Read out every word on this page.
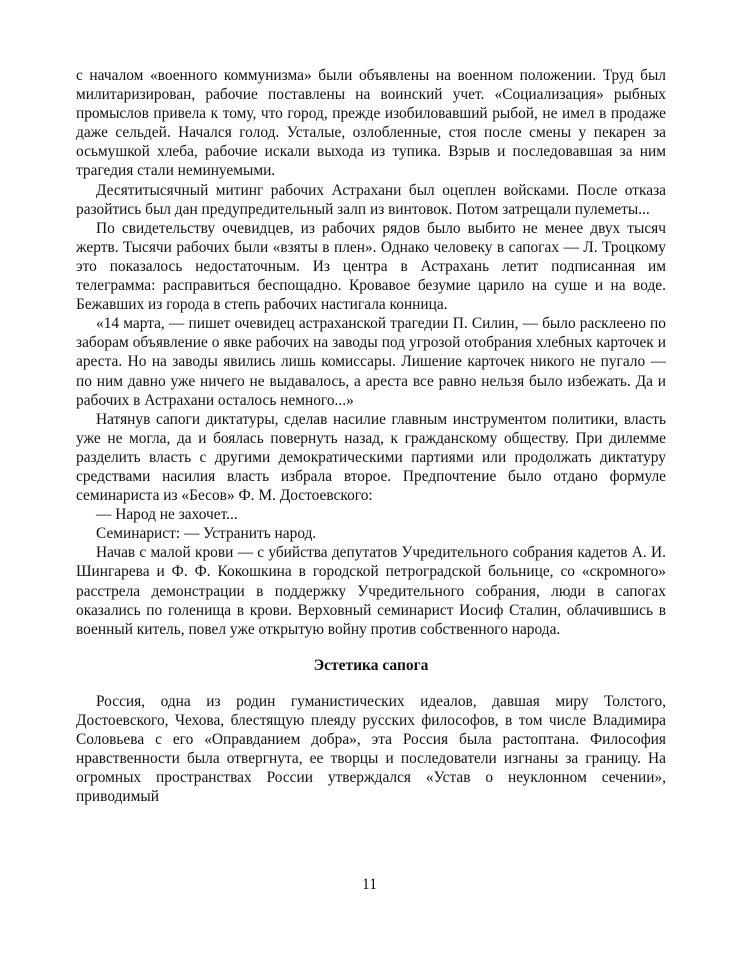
с началом «военного коммунизма» были объявлены на военном положении. Труд был милитаризирован, рабочие поставлены на воинский учет. «Социализация» рыбных промыслов привела к тому, что город, прежде изобиловавший рыбой, не имел в продаже даже сельдей. Начался голод. Усталые, озлобленные, стоя после смены у пекарен за осьмушкой хлеба, рабочие искали выхода из тупика. Взрыв и последовавшая за ним трагедия стали неминуемыми.

Десятитысячный митинг рабочих Астрахани был оцеплен войсками. После отказа разойтись был дан предупредительный залп из винтовок. Потом затрещали пулеметы...

По свидетельству очевидцев, из рабочих рядов было выбито не менее двух тысяч жертв. Тысячи рабочих были «взяты в плен». Однако человеку в сапогах — Л. Троцкому это показалось недостаточным. Из центра в Астрахань летит подписанная им телеграмма: расправиться беспощадно. Кровавое безумие царило на суше и на воде. Бежавших из города в степь рабочих настигала конница.

«14 марта, — пишет очевидец астраханской трагедии П. Силин, — было расклеено по заборам объявление о явке рабочих на заводы под угрозой отобрания хлебных карточек и ареста. Но на заводы явились лишь комиссары. Лишение карточек никого не пугало — по ним давно уже ничего не выдавалось, а ареста все равно нельзя было избежать. Да и рабочих в Астрахани осталось немного...»

Натянув сапоги диктатуры, сделав насилие главным инструментом политики, власть уже не могла, да и боялась повернуть назад, к гражданскому обществу. При дилемме разделить власть с другими демократическими партиями или продолжать диктатуру средствами насилия власть избрала второе. Предпочтение было отдано формуле семинариста из «Бесов» Ф. М. Достоевского:

— Народ не захочет...

Семинарист: — Устранить народ.

Начав с малой крови — с убийства депутатов Учредительного собрания кадетов А. И. Шингарева и Ф. Ф. Кокошкина в городской петроградской больнице, со «скромного» расстрела демонстрации в поддержку Учредительного собрания, люди в сапогах оказались по голенища в крови. Верховный семинарист Иосиф Сталин, облачившись в военный китель, повел уже открытую войну против собственного народа.

Эстетика сапога

Россия, одна из родин гуманистических идеалов, давшая миру Толстого, Достоевского, Чехова, блестящую плеяду русских философов, в том числе Владимира Соловьева с его «Оправданием добра», эта Россия была растоптана. Философия нравственности была отвергнута, ее творцы и последователи изгнаны за границу. На огромных пространствах России утверждался «Устав о неуклонном сечении», приводимый

11
